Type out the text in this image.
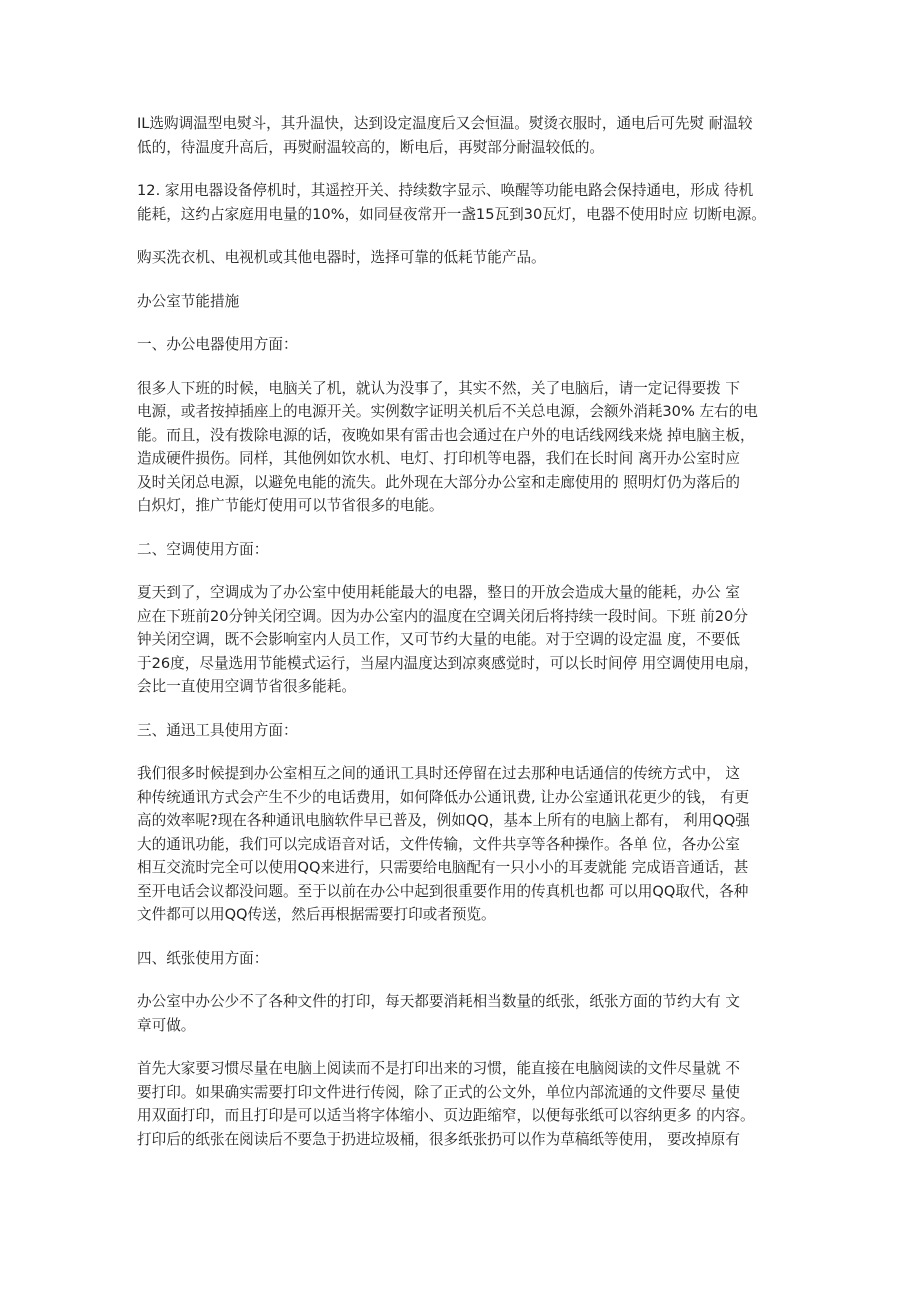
IL选购调温型电熨斗，其升温快，达到设定温度后又会恒温。熨烫衣服时，通电后可先熨 耐温较
低的，待温度升高后，再熨耐温较高的，断电后，再熨部分耐温较低的。
12. 家用电器设备停机时，其遥控开关、持续数字显示、唤醒等功能电路会保持通电，形成 待机
能耗，这约占家庭用电量的10%，如同昼夜常开一盏15瓦到30瓦灯，电器不使用时应 切断电源。
购买洗衣机、电视机或其他电器时，选择可靠的低耗节能产品。
办公室节能措施
一、办公电器使用方面：
很多人下班的时候，电脑关了机，就认为没事了，其实不然，关了电脑后，请一定记得要拨 下
电源，或者按掉插座上的电源开关。实例数字证明关机后不关总电源，会额外消耗30% 左右的电
能。而且，没有拨除电源的话，夜晚如果有雷击也会通过在户外的电话线网线来烧 掉电脑主板，
造成硬件损伤。同样，其他例如饮水机、电灯、打印机等电器，我们在长时间 离开办公室时应
及时关闭总电源，以避免电能的流失。此外现在大部分办公室和走廊使用的 照明灯仍为落后的
白炽灯，推广节能灯使用可以节省很多的电能。
二、空调使用方面：
夏天到了，空调成为了办公室中使用耗能最大的电器，整日的开放会造成大量的能耗，办公 室
应在下班前20分钟关闭空调。因为办公室内的温度在空调关闭后将持续一段时间。下班 前20分
钟关闭空调，既不会影响室内人员工作，又可节约大量的电能。对于空调的设定温 度，不要低
于26度，尽量选用节能模式运行，当屋内温度达到凉爽感觉时，可以长时间停 用空调使用电扇，
会比一直使用空调节省很多能耗。
三、通迅工具使用方面：
我们很多时候提到办公室相互之间的通讯工具时还停留在过去那种电话通信的传统方式中， 这
种传统通讯方式会产生不少的电话费用，如何降低办公通讯费, 让办公室通讯花更少的钱， 有更
高的效率呢?现在各种通讯电脑软件早已普及，例如QQ，基本上所有的电脑上都有， 利用QQ强
大的通讯功能，我们可以完成语音对话，文件传输，文件共享等各种操作。各单 位，各办公室
相互交流时完全可以使用QQ来进行，只需要给电脑配有一只小小的耳麦就能 完成语音通话，甚
至开电话会议都没问题。至于以前在办公中起到很重要作用的传真机也都 可以用QQ取代，各种
文件都可以用QQ传送，然后再根据需要打印或者预览。
四、纸张使用方面：
办公室中办公少不了各种文件的打印，每天都要消耗相当数量的纸张，纸张方面的节约大有 文
章可做。
首先大家要习惯尽量在电脑上阅读而不是打印出来的习惯，能直接在电脑阅读的文件尽量就 不
要打印。如果确实需要打印文件进行传阅，除了正式的公文外，单位内部流通的文件要尽 量使
用双面打印，而且打印是可以适当将字体缩小、页边距缩窄，以便每张纸可以容纳更多 的内容。
打印后的纸张在阅读后不要急于扔进垃圾桶，很多纸张扔可以作为草稿纸等使用， 要改掉原有
